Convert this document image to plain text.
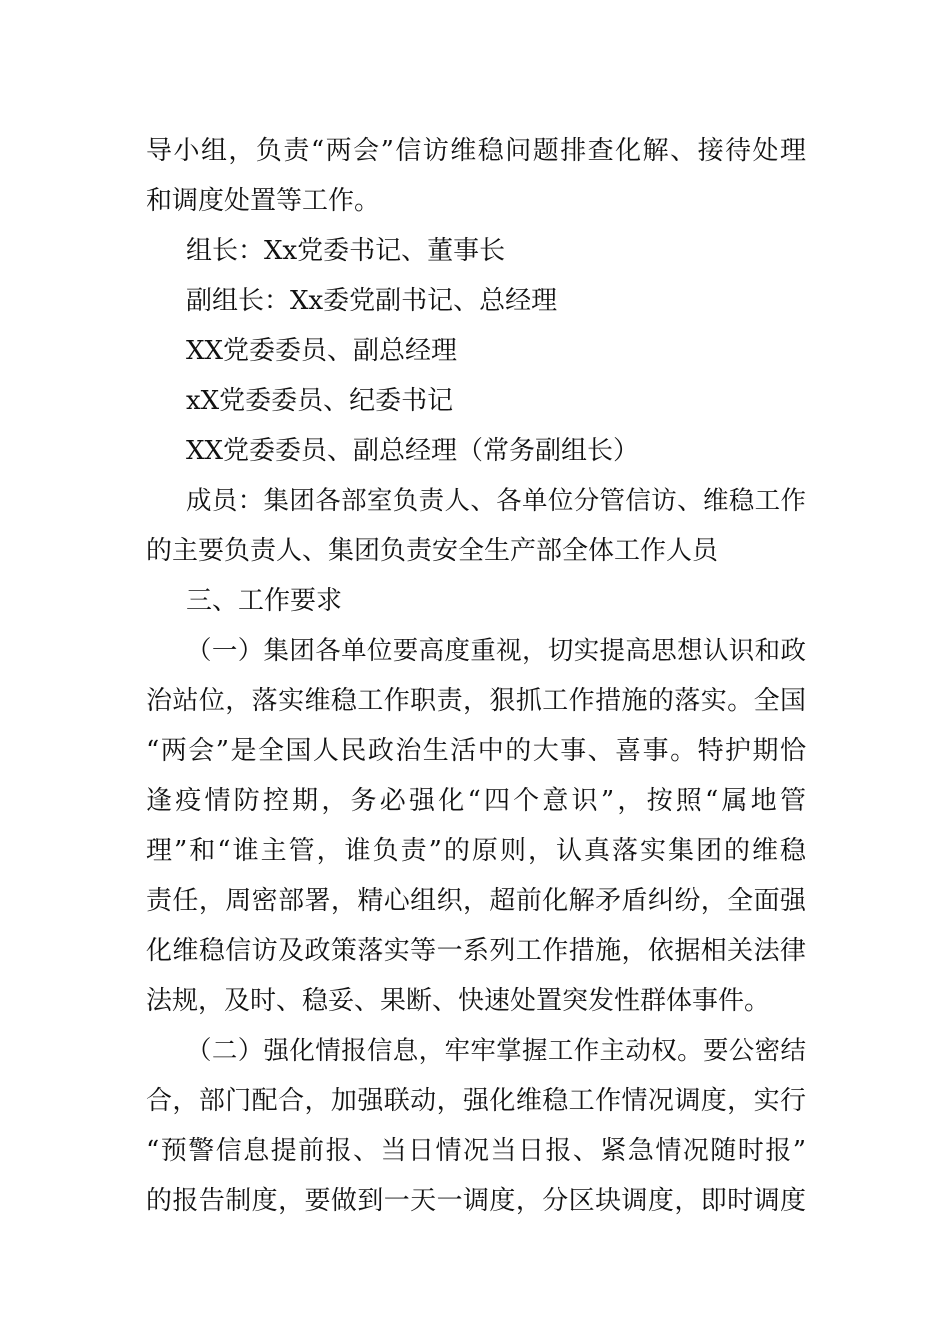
导小组，负责“两会”信访维稳问题排查化解、接待处理
和调度处置等工作。
组长：Xx党委书记、董事长
副组长：Xx委党副书记、总经理
XX党委委员、副总经理
xX党委委员、纪委书记
XX党委委员、副总经理（常务副组长）
成员：集团各部室负责人、各单位分管信访、维稳工作
的主要负责人、集团负责安全生产部全体工作人员
三、工作要求
（一）集团各单位要高度重视，切实提高思想认识和政
治站位，落实维稳工作职责，狠抓工作措施的落实。全国
“两会”是全国人民政治生活中的大事、喜事。特护期恰
逢疫情防控期，务必强化“四个意识”，按照“属地管
理”和“谁主管，谁负责”的原则，认真落实集团的维稳
责任，周密部署，精心组织，超前化解矛盾纠纷，全面强
化维稳信访及政策落实等一系列工作措施，依据相关法律
法规，及时、稳妥、果断、快速处置突发性群体事件。
（二）强化情报信息，牢牢掌握工作主动权。要公密结
合，部门配合，加强联动，强化维稳工作情况调度，实行
“预警信息提前报、当日情况当日报、紧急情况随时报”
的报告制度，要做到一天一调度，分区块调度，即时调度
